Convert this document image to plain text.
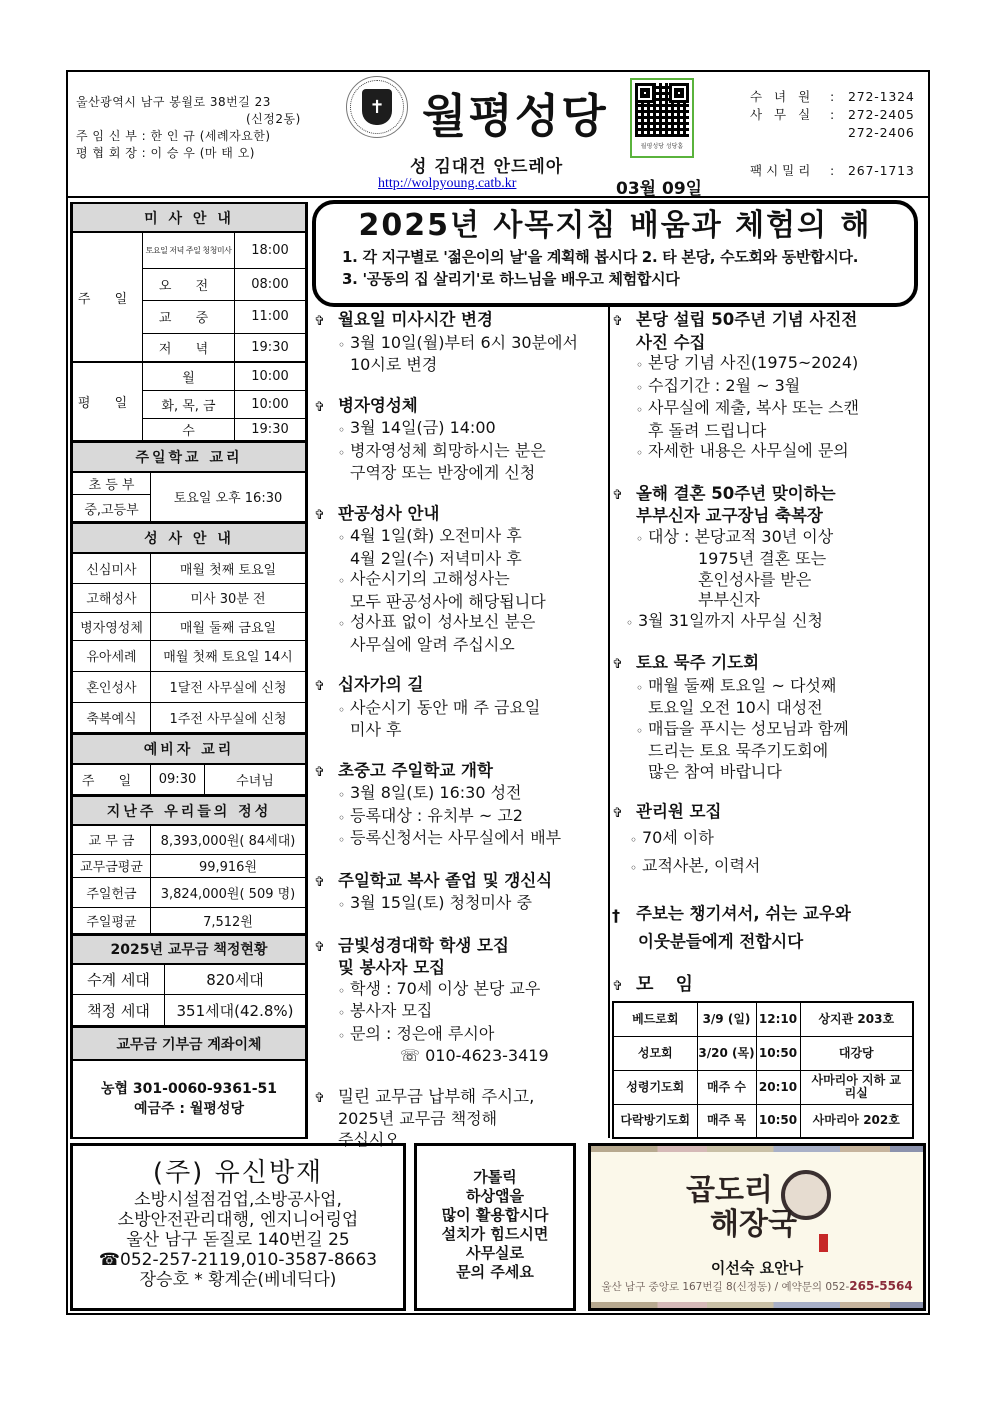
울산광역시 남구 봉월로 38번길 23
(신정2동)
주 임 신 부 : 한 인 규 (세례자요한)
평 협 회 장 : 이 승 우 (마 태 오)
✝ 월평성당
성 김대건 안드레아
http://wolpyoung.catb.kr	03월 09일
월평성당 성당홈
수 녀 원	:	272-1324
사 무 실	:	272-2405
272-2406
팩시밀리	:	267-1713
미 사 안 내		
주 일	토요일 저녁 주일 청청미사	18:00
	오 전	08:00
	교 중	11:00
	저 녁	19:30
평 일	월	10:00
	화, 목, 금	10:00
	수	19:30
주일학교 교리
초 등 부	토요일 오후 16:30
중,고등부
성 사 안 내	
신심미사	매월 첫째 토요일
고해성사	미사 30분 전
병자영성체	매월 둘째 금요일
유아세례	매월 첫째 토요일 14시
혼인성사	1달전 사무실에 신청
축복예식	1주전 사무실에 신청
예비자 교리
주 일	09:30	수녀님
지난주 우리들의 정성	
교 무 금	8,393,000원( 84세대)
교무금평균	99,916원
주일헌금	3,824,000원( 509 명)
주일평균	7,512원
2025년 교무금 책정현황	
수계 세대	820세대
책정 세대	351세대(42.8%)
교무금 기부금 계좌이체

농협 301-0060-9361-51
예금주 : 월평성당
2025년 사목지침 배움과 체험의 해
1. 각 지구별로 '젊은이의 날'을 계획해 봅시다 2. 타 본당, 수도회와 동반합시다.
3. '공동의 집 살리기'로 하느님을 배우고 체험합시다
✞ 월요일 미사시간 변경
◦ 3월 10일(월)부터 6시 30분에서
10시로 변경
✞ 병자영성체
◦ 3월 14일(금) 14:00
◦ 병자영성체 희망하시는 분은
구역장 또는 반장에게 신청
✞ 판공성사 안내
◦ 4월 1일(화) 오전미사 후
4월 2일(수) 저녁미사 후
◦ 사순시기의 고해성사는
모두 판공성사에 해당됩니다
◦ 성사표 없이 성사보신 분은
사무실에 알려 주십시오
✞ 십자가의 길
◦ 사순시기 동안 매 주 금요일
미사 후
✞ 초중고 주일학교 개학
◦ 3월 8일(토) 16:30 성전
◦ 등록대상 : 유치부 ~ 고2
◦ 등록신청서는 사무실에서 배부
✞ 주일학교 복사 졸업 및 갱신식
◦ 3월 15일(토) 청청미사 중
✞ 금빛성경대학 학생 모집
및 봉사자 모집
◦ 학생 : 70세 이상 본당 교우
◦ 봉사자 모집
◦ 문의 : 정은애 루시아
☏ 010-4623-3419
✞ 밀린 교무금 납부해 주시고,
2025년 교무금 책정해
주십시오
✞ 본당 설립 50주년 기념 사진전
사진 수집
◦ 본당 기념 사진(1975~2024)
◦ 수집기간 : 2월 ~ 3월
◦ 사무실에 제출, 복사 또는 스캔
후 돌려 드립니다
◦ 자세한 내용은 사무실에 문의
✞ 올해 결혼 50주년 맞이하는
부부신자 교구장님 축복장
◦ 대상 : 본당교적 30년 이상
1975년 결혼 또는
혼인성사를 받은
부부신자
◦ 3월 31일까지 사무실 신청
✞ 토요 묵주 기도회
◦ 매월 둘째 토요일 ~ 다섯째
토요일 오전 10시 대성전
◦ 매듭을 푸시는 성모님과 함께
드리는 토요 묵주기도회에
많은 참여 바랍니다
✞ 관리원 모집
◦ 70세 이하
◦ 교적사본, 이력서
† 주보는 챙기셔서, 쉬는 교우와
이웃분들에게 전합시다
✞ 모 임
베드로회	3/9 (일)	12:10	상지관 203호
성모회	3/20 (목)	10:50	대강당
성령기도회	매주 수	20:10	사마리아 지하 교리실
다락방기도회	매주 목	10:50	사마리아 202호
(주) 유신방재
소방시설점검업,소방공사업,
소방안전관리대행, 엔지니어링업
울산 남구 돋질로 140번길 25
☎052-257-2119,010-3587-8663
장승호 * 황계순(베네딕다)
가톨릭
하상앱을
많이 활용합시다
설치가 힘드시면
사무실로
문의 주세요
곱도리
해장국
이선숙 요안나
울산 남구 중앙로 167번길 8(신정동) / 예약문의 052-265-5564
